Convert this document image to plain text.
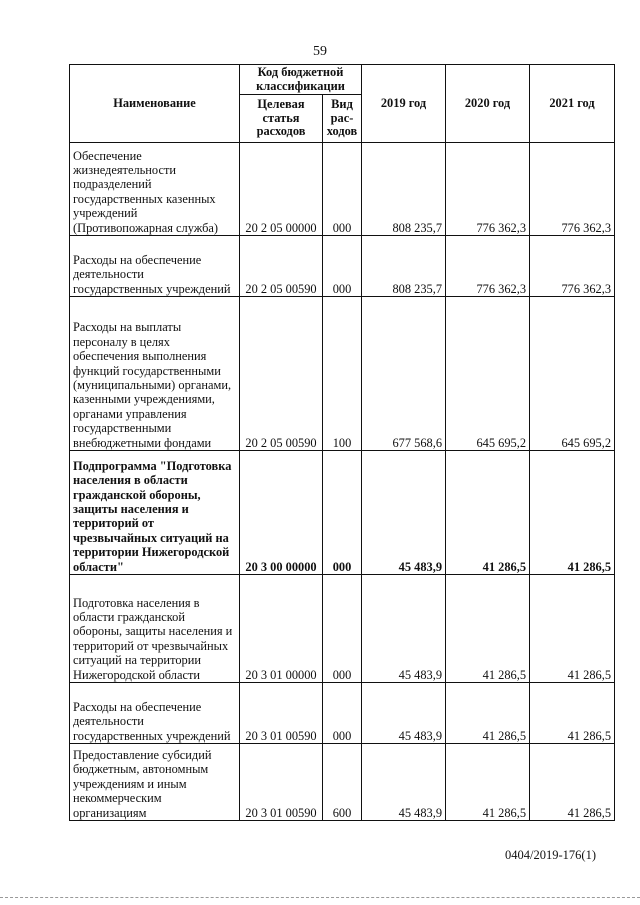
59
Наименование	Код бюджетной классификации		2019 год	2020 год	2021 год
	Целевая статья расходов	Вид рас-ходов			
Обеспечение жизнедеятельности подразделений государственных казенных учреждений (Противопожарная служба)	20 2 05 00000	000	808 235,7	776 362,3	776 362,3
Расходы на обеспечение деятельности государственных учреждений	20 2 05 00590	000	808 235,7	776 362,3	776 362,3
Расходы на выплаты персоналу в целях обеспечения выполнения функций государственными (муниципальными) органами, казенными учреждениями, органами управления государственными внебюджетными фондами	20 2 05 00590	100	677 568,6	645 695,2	645 695,2
Подпрограмма "Подготовка населения в области гражданской обороны, защиты населения и территорий от чрезвычайных ситуаций на территории Нижегородской области"	20 3 00 00000	000	45 483,9	41 286,5	41 286,5
Подготовка населения в области гражданской обороны, защиты населения и территорий от чрезвычайных ситуаций на территории Нижегородской области	20 3 01 00000	000	45 483,9	41 286,5	41 286,5
Расходы на обеспечение деятельности государственных учреждений	20 3 01 00590	000	45 483,9	41 286,5	41 286,5
Предоставление субсидий бюджетным, автономным учреждениям и иным некоммерческим организациям	20 3 01 00590	600	45 483,9	41 286,5	41 286,5
0404/2019-176(1)
